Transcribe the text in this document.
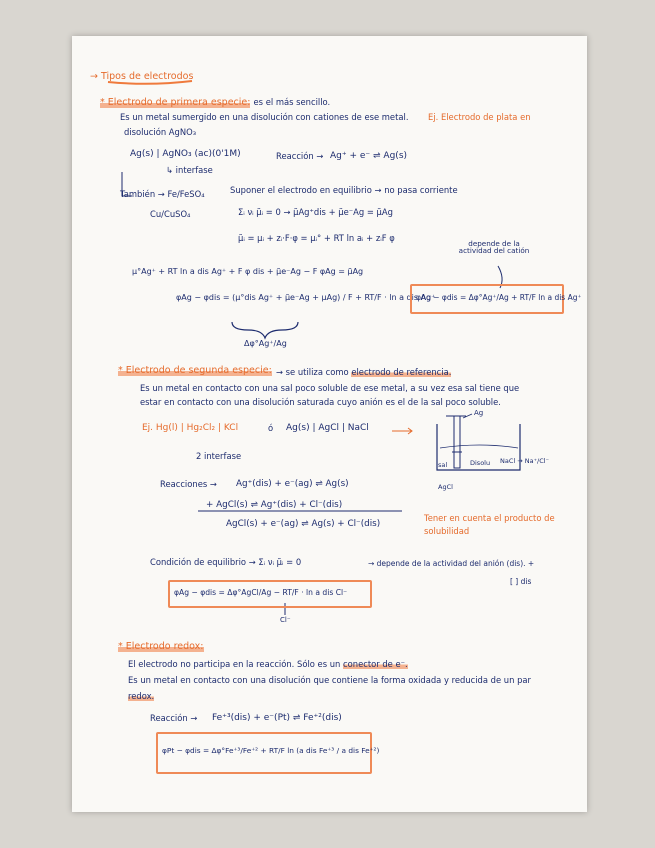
→ Tipos de electrodos
* Electrodo de primera especie: es el más sencillo.
Es un metal sumergido en una disolución con cationes de ese metal. Ej. Electrodo de plata en
disolución AgNO₃
Ag(s) | AgNO₃ (ac)(0'1M)
↳ interfase
Reacción → Ag⁺ + e⁻ ⇌ Ag(s)
También → Fe/FeSO₄
Cu/CuSO₄
Suponer el electrodo en equilibrio → no pasa corriente
Σᵢ νᵢ μ̃ᵢ = 0 → μ̃Ag⁺dis + μ̃e⁻Ag = μ̃Ag
μ̃ᵢ = μᵢ + zᵢ·F·φ = μᵢ° + RT ln aᵢ + zᵢF φ
depende de la actividad del catión
μ°Ag⁺ + RT ln a dis Ag⁺ + F φ dis + μ̃e⁻Ag − F φAg = μ̃Ag
φAg − φdis = (μ°dis Ag⁺ + μ̃e⁻Ag + μAg) / F + RT/F · ln a dis Ag⁺
Δφ°Ag⁺/Ag
φAg − φdis = Δφ°Ag⁺/Ag + RT/F ln a dis Ag⁺
* Electrodo de segunda especie: → se utiliza como electrodo de referencia.
Es un metal en contacto con una sal poco soluble de ese metal, a su vez esa sal tiene que
estar en contacto con una disolución saturada cuyo anión es el de la sal poco soluble.
Ej. Hg(l) | Hg₂Cl₂ | KCl	ó Ag(s) | AgCl | NaCl
2 interfase
Ag
sal
AgCl
Disolu NaCl → Na⁺/Cl⁻
Reacciones → Ag⁺(dis) + e⁻(ag) ⇌ Ag(s)
+ AgCl(s) ⇌ Ag⁺(dis) + Cl⁻(dis)
AgCl(s) + e⁻(ag) ⇌ Ag(s) + Cl⁻(dis)
Tener en cuenta el producto de solubilidad
Condición de equilibrio → Σᵢ νᵢ μ̃ᵢ = 0	→ depende de la actividad del anión (dis). +
[ ] dis
φAg − φdis = Δφ°AgCl/Ag − RT/F · ln a dis Cl⁻
Cl⁻
* Electrodo redox:
El electrodo no participa en la reacción. Sólo es un conector de e⁻.
Es un metal en contacto con una disolución que contiene la forma oxidada y reducida de un par
redox.
Reacción → Fe⁺³(dis) + e⁻(Pt) ⇌ Fe⁺²(dis)
φPt − φdis = Δφ°Fe⁺³/Fe⁺² + RT/F ln (a dis Fe⁺³ / a dis Fe⁺²)
